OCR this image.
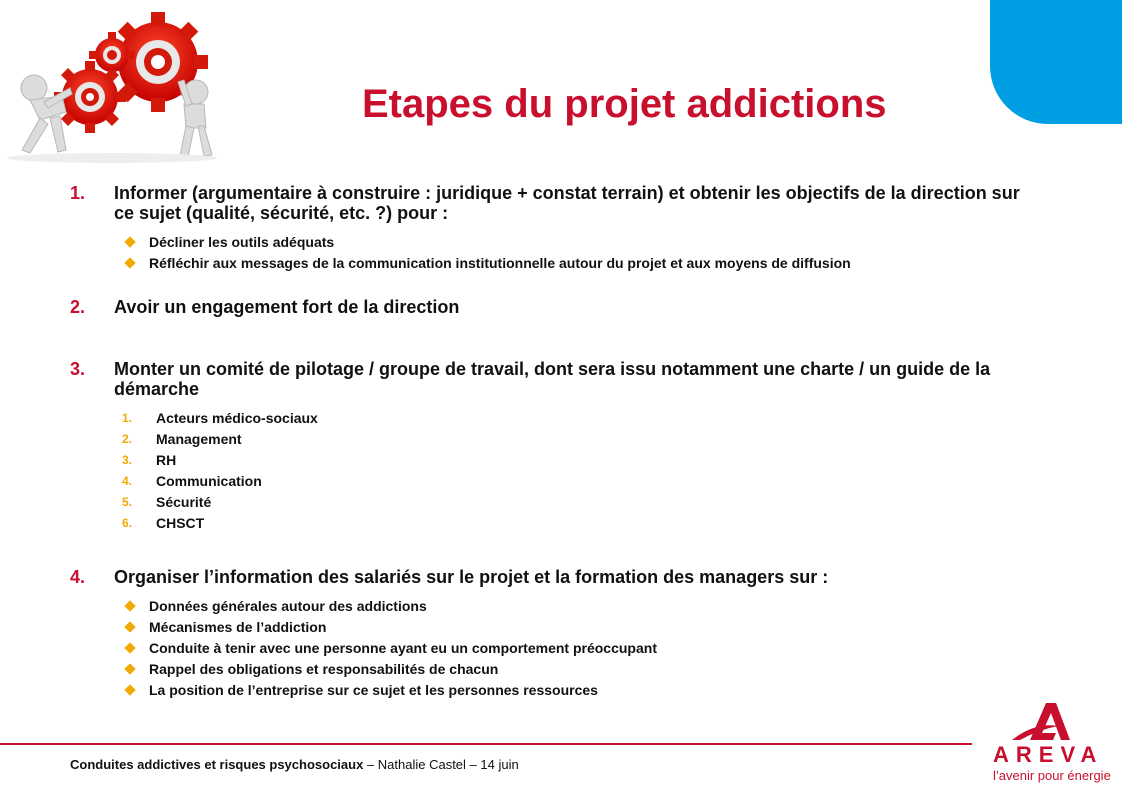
Etapes du projet addictions
1.	Informer (argumentaire à construire : juridique + constat terrain) et obtenir les objectifs de la direction sur ce sujet (qualité, sécurité, etc. ?) pour :
Décliner les outils adéquats
Réfléchir aux messages de la communication institutionnelle autour du projet et aux moyens de diffusion
2.	Avoir un engagement fort de la direction
3.	Monter un comité de pilotage / groupe de travail, dont sera issu notamment une charte / un guide de la démarche
1.	Acteurs médico-sociaux
2.	Management
3.	RH
4.	Communication
5.	Sécurité
6.	CHSCT
4.	Organiser l’information des salariés sur le projet et la formation des managers sur :
Données générales autour des addictions
Mécanismes de l’addiction
Conduite à tenir avec une personne ayant eu un comportement préoccupant
Rappel des obligations et responsabilités de chacun
La position de l’entreprise sur ce sujet et les personnes ressources
Conduites addictives et risques psychosociaux – Nathalie Castel – 14 juin	AREVA
l’avenir pour énergie
